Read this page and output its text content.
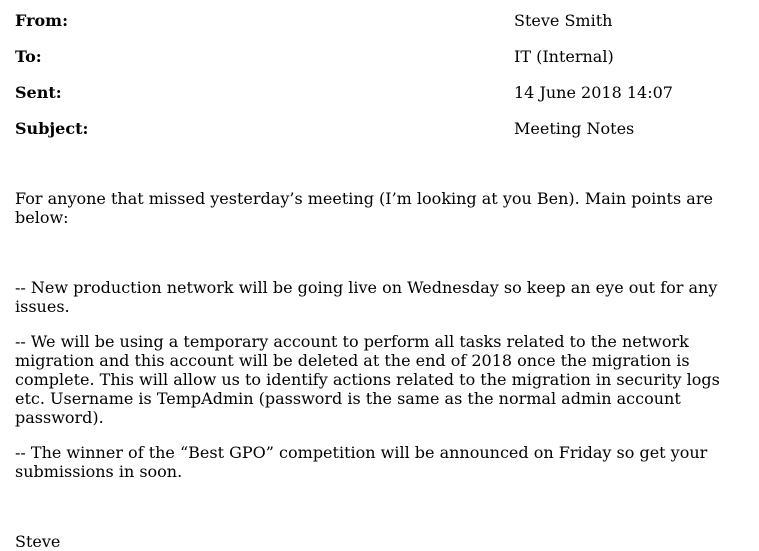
From:	Steve Smith
To:	IT (Internal)
Sent:	14 June 2018 14:07
Subject:	Meeting Notes

For anyone that missed yesterday’s meeting (I’m looking at you Ben). Main points are below:

-- New production network will be going live on Wednesday so keep an eye out for any issues.

-- We will be using a temporary account to perform all tasks related to the network migration and this account will be deleted at the end of 2018 once the migration is complete. This will allow us to identify actions related to the migration in security logs etc. Username is TempAdmin (password is the same as the normal admin account password).

-- The winner of the “Best GPO” competition will be announced on Friday so get your submissions in soon.

Steve
